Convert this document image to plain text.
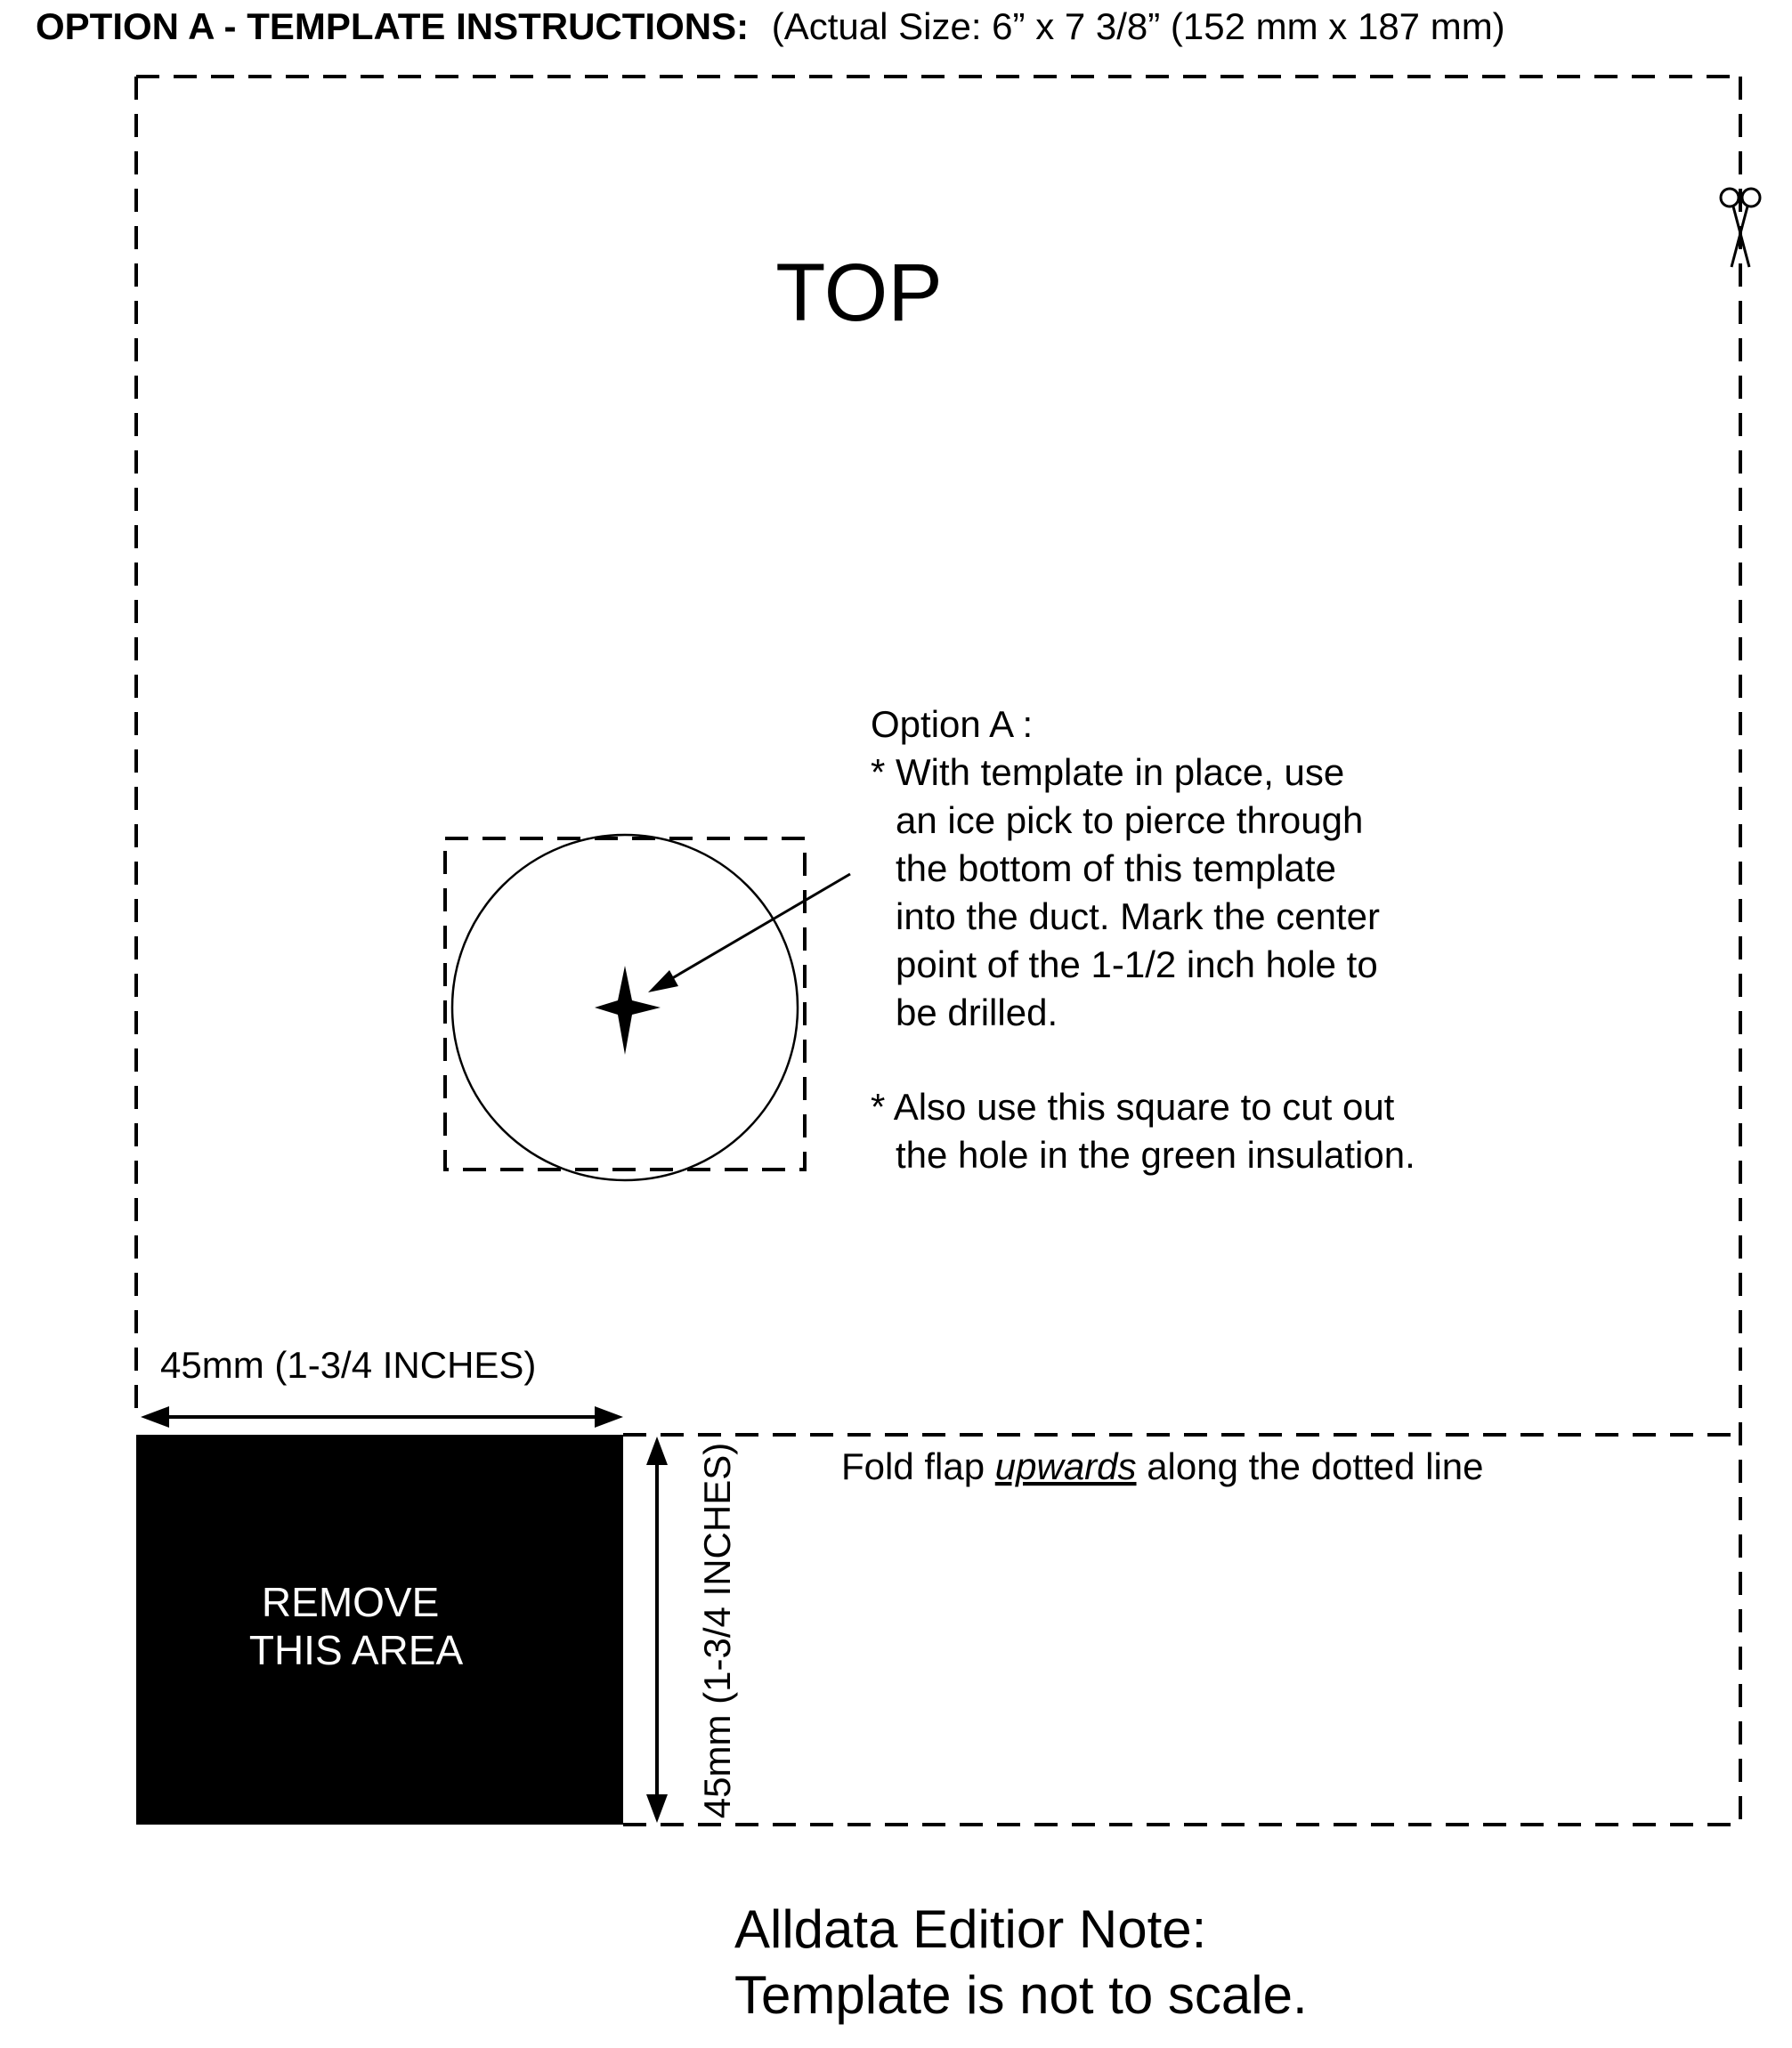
OPTION A - TEMPLATE INSTRUCTIONS: (Actual Size: 6” x 7 3/8” (152 mm x 187 mm)
TOP
Option A : * With template in place, use an ice pick to pierce through the bottom of this template into the duct. Mark the center point of the 1-1/2 inch hole to be drilled. * Also use this square to cut out the hole in the green insulation.
45mm (1-3/4 INCHES)
REMOVE THIS AREA	45mm (1-3/4 INCHES)	Fold flap upwards along the dotted line
Alldata Editior Note: Template is not to scale.
